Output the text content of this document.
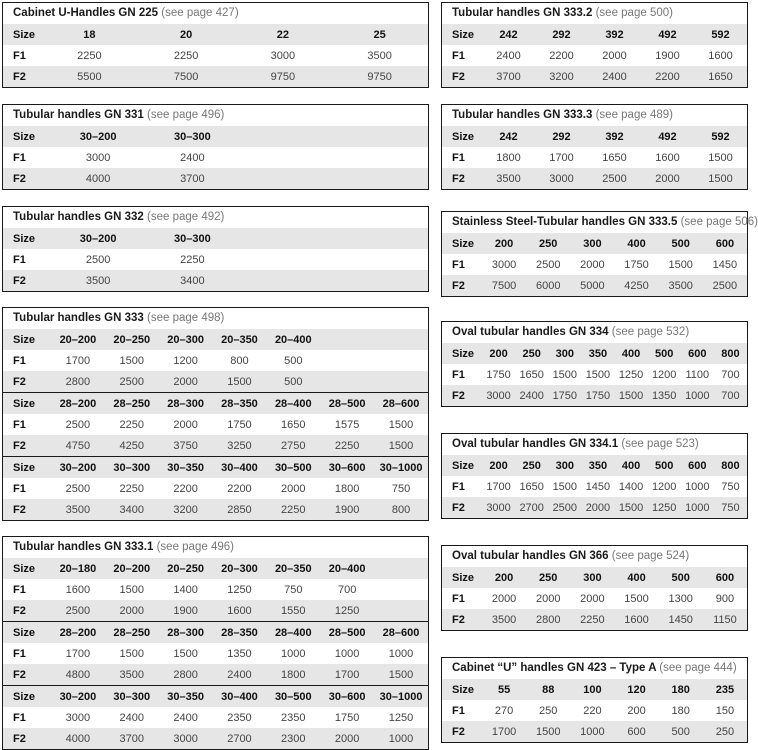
Cabinet U-Handles GN 225 (see page 427)
Size	18	20	22	25
F1	2250	2250	3000	3500
F2	5500	7500	9750	9750
Tubular handles GN 331 (see page 496)
Size	30–200	30–300		
F1	3000	2400		
F2	4000	3700		
Tubular handles GN 332 (see page 492)
Size	30–200	30–300		
F1	2500	2250		
F2	3500	3400		
Tubular handles GN 333 (see page 498)
Size	20–200	20–250	20–300	20–350	20–400		
F1	1700	1500	1200	800	500		
F2	2800	2500	2000	1500	500		
Size	28–200	28–250	28–300	28–350	28–400	28–500	28–600
F1	2500	2250	2000	1750	1650	1575	1500
F2	4750	4250	3750	3250	2750	2250	1500
Size	30–200	30–300	30–350	30–400	30–500	30–600	30–1000
F1	2500	2250	2200	2200	2000	1800	750
F2	3500	3400	3200	2850	2250	1900	800
Tubular handles GN 333.1 (see page 496)
Size	20–180	20–200	20–250	20–300	20–350	20–400	
F1	1600	1500	1400	1250	750	700	
F2	2500	2000	1900	1600	1550	1250	
Size	28–200	28–250	28–300	28–350	28–400	28–500	28–600
F1	1700	1500	1500	1350	1000	1000	1000
F2	4800	3500	2800	2400	1800	1700	1500
Size	30–200	30–300	30–350	30–400	30–500	30–600	30–1000
F1	3000	2400	2400	2350	2350	1750	1250
F2	4000	3700	3000	2700	2300	2000	1000
Tubular handles GN 333.2 (see page 500)
Size	242	292	392	492	592
F1	2400	2200	2000	1900	1600
F2	3700	3200	2400	2200	1650
Tubular handles GN 333.3 (see page 489)
Size	242	292	392	492	592
F1	1800	1700	1650	1600	1500
F2	3500	3000	2500	2000	1500
Stainless Steel-Tubular handles GN 333.5 (see page 506)
Size	200	250	300	400	500	600
F1	3000	2500	2000	1750	1500	1450
F2	7500	6000	5000	4250	3500	2500
Oval tubular handles GN 334 (see page 532)
Size	200	250	300	350	400	500	600	800
F1	1750	1650	1500	1500	1250	1200	1100	700
F2	3000	2400	1750	1750	1500	1350	1000	700
Oval tubular handles GN 334.1 (see page 523)
Size	200	250	300	350	400	500	600	800
F1	1700	1650	1500	1450	1400	1200	1000	750
F2	3000	2700	2500	2000	1500	1250	1000	750
Oval tubular handles GN 366 (see page 524)
Size	200	250	300	400	500	600
F1	2000	2000	2000	1500	1300	900
F2	3500	2800	2250	1600	1450	1150
Cabinet “U” handles GN 423 – Type A (see page 444)
Size	55	88	100	120	180	235
F1	270	250	220	200	180	150
F2	1700	1500	1000	600	500	250
